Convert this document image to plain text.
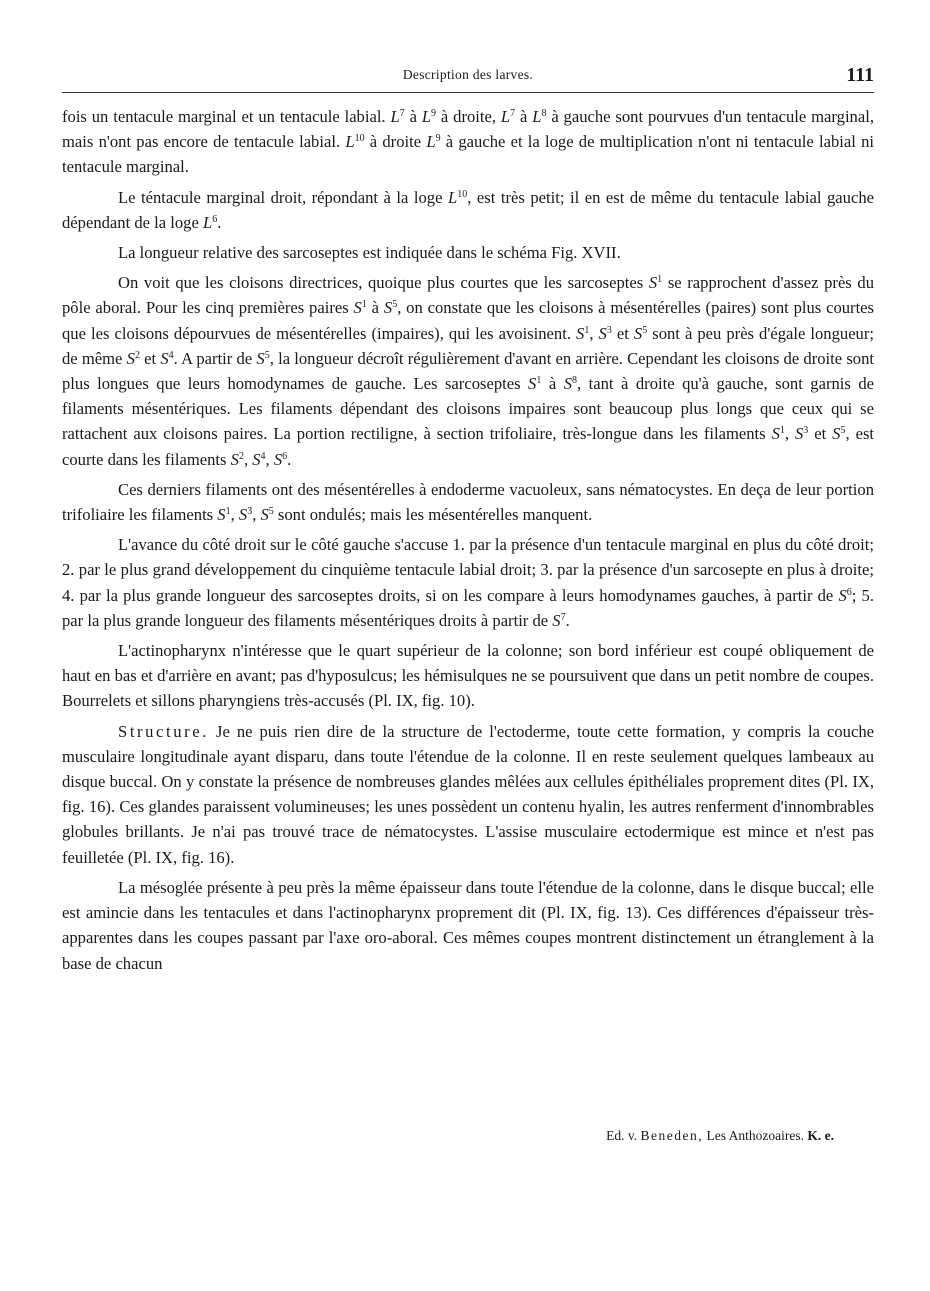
Description des larves.	111

fois un tentacule marginal et un tentacule labial. $L^7$ à $L^9$ à droite, $L^7$ à $L^8$ à gauche sont pourvues d'un tentacule marginal, mais n'ont pas encore de tentacule labial. $L^{10}$ à droite $L^9$ à gauche et la loge de multiplication n'ont ni tentacule labial ni tentacule marginal.

Le téntacule marginal droit, répondant à la loge $L^{10}$, est très petit; il en est de même du tentacule labial gauche dépendant de la loge $L^6$.

La longueur relative des sarcoseptes est indiquée dans le schéma Fig. XVII.

On voit que les cloisons directrices, quoique plus courtes que les sarcoseptes $S^1$ se rapprochent d'assez près du pôle aboral. Pour les cinq premières paires $S^1$ à $S^5$, on constate que les cloisons à mésentérelles (paires) sont plus courtes que les cloisons dépourvues de mésentérelles (impaires), qui les avoisinent. $S^1$, $S^3$ et $S^5$ sont à peu près d'égale longueur; de même $S^2$ et $S^4$. A partir de $S^5$, la longueur décroît régulièrement d'avant en arrière. Cependant les cloisons de droite sont plus longues que leurs homodynames de gauche. Les sarcoseptes $S^1$ à $S^8$, tant à droite qu'à gauche, sont garnis de filaments mésentériques. Les filaments dépendant des cloisons impaires sont beaucoup plus longs que ceux qui se rattachent aux cloisons paires. La portion rectiligne, à section trifoliaire, très-longue dans les filaments $S^1$, $S^3$ et $S^5$, est courte dans les filaments $S^2$, $S^4$, $S^6$.

Ces derniers filaments ont des mésentérelles à endoderme vacuoleux, sans nématocystes. En deça de leur portion trifoliaire les filaments $S^1$, $S^3$, $S^5$ sont ondulés; mais les mésentérelles manquent.

L'avance du côté droit sur le côté gauche s'accuse 1. par la présence d'un tentacule marginal en plus du côté droit; 2. par le plus grand développement du cinquième tentacule labial droit; 3. par la présence d'un sarcosepte en plus à droite; 4. par la plus grande longueur des sarcoseptes droits, si on les compare à leurs homodynames gauches, à partir de $S^6$; 5. par la plus grande longueur des filaments mésentériques droits à partir de $S^7$.

L'actinopharynx n'intéresse que le quart supérieur de la colonne; son bord inférieur est coupé obliquement de haut en bas et d'arrière en avant; pas d'hyposulcus; les hémisulques ne se poursuivent que dans un petit nombre de coupes. Bourrelets et sillons pharyngiens très-accusés (Pl. IX, fig. 10).

Structure. Je ne puis rien dire de la structure de l'ectoderme, toute cette formation, y compris la couche musculaire longitudinale ayant disparu, dans toute l'étendue de la colonne. Il en reste seulement quelques lambeaux au disque buccal. On y constate la présence de nombreuses glandes mêlées aux cellules épithéliales proprement dites (Pl. IX, fig. 16). Ces glandes paraissent volumineuses; les unes possèdent un contenu hyalin, les autres renferment d'innombrables globules brillants. Je n'ai pas trouvé trace de nématocystes. L'assise musculaire ectodermique est mince et n'est pas feuilletée (Pl. IX, fig. 16).

La mésoglée présente à peu près la même épaisseur dans toute l'étendue de la colonne, dans le disque buccal; elle est amincie dans les tentacules et dans l'actinopharynx proprement dit (Pl. IX, fig. 13). Ces différences d'épaisseur très-apparentes dans les coupes passant par l'axe oro-aboral. Ces mêmes coupes montrent distinctement un étranglement à la base de chacun

Ed. v. Beneden, Les Anthozoaires. K. e.
